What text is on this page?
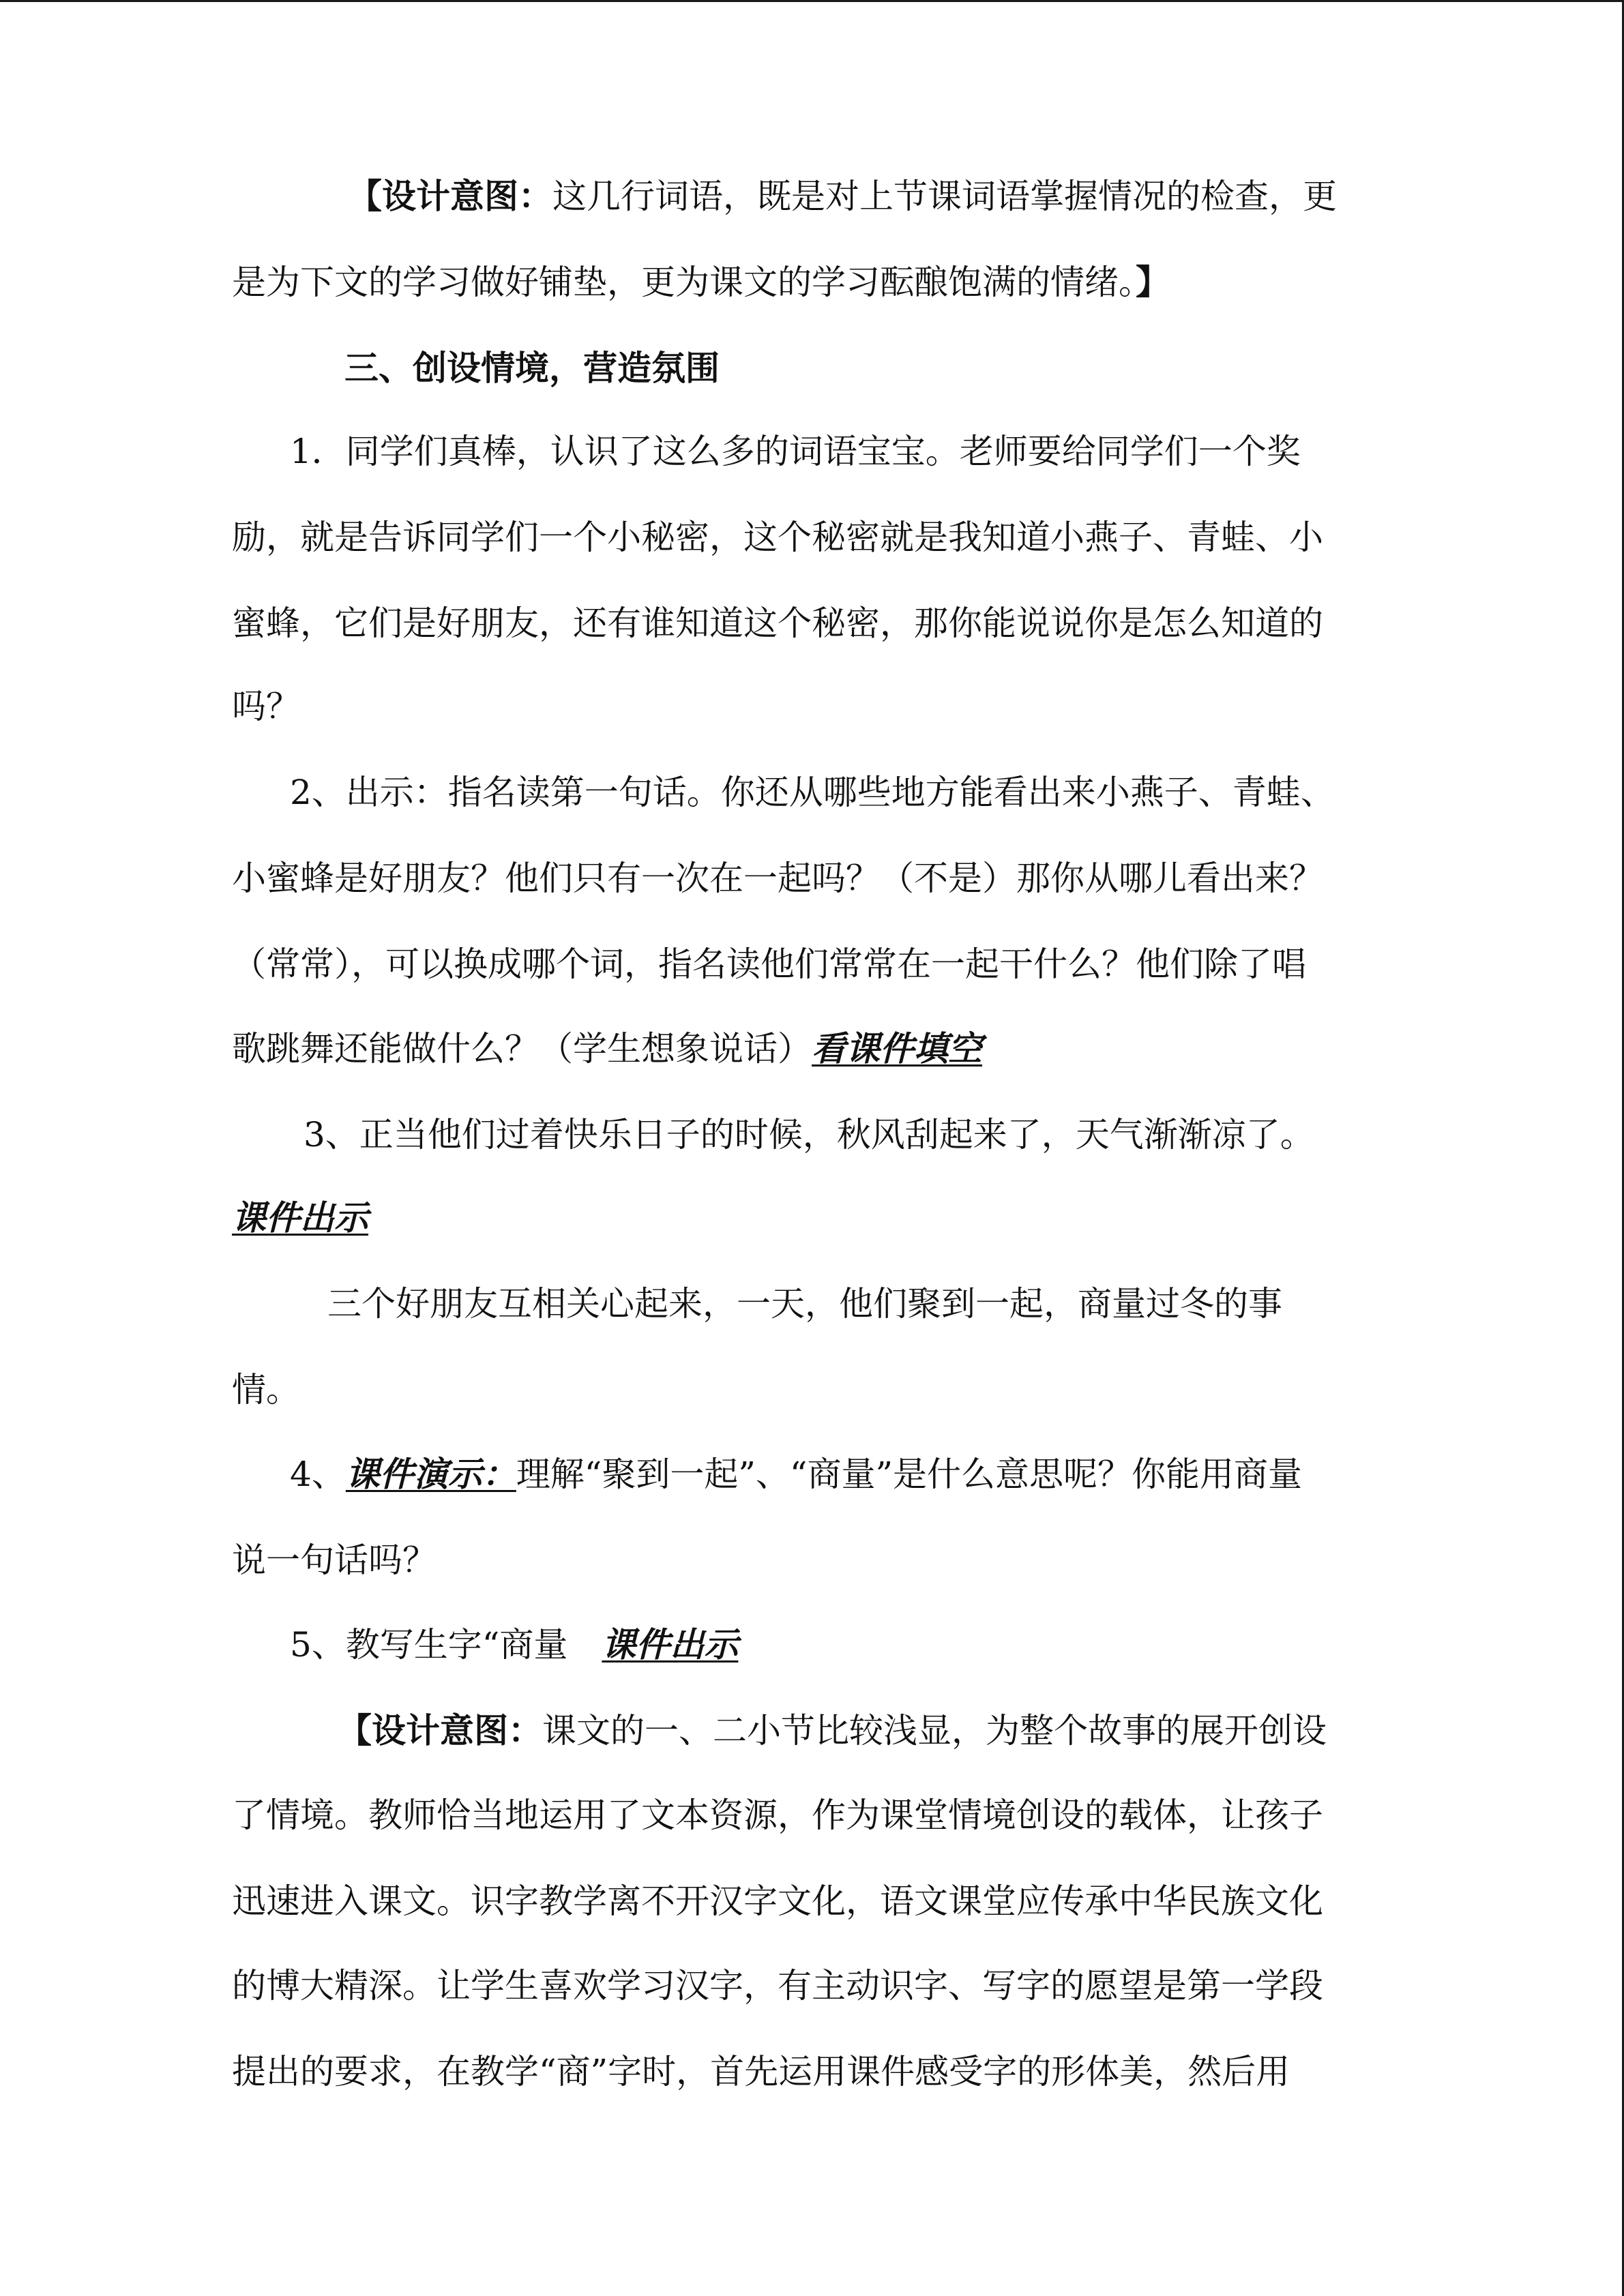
【设计意图：这几行词语，既是对上节课词语掌握情况的检查，更
是为下文的学习做好铺垫，更为课文的学习酝酿饱满的情绪。】
三、创设情境，营造氛围
1．同学们真棒，认识了这么多的词语宝宝。老师要给同学们一个奖
励，就是告诉同学们一个小秘密，这个秘密就是我知道小燕子、青蛙、小
蜜蜂，它们是好朋友，还有谁知道这个秘密，那你能说说你是怎么知道的
吗？
2、出示：指名读第一句话。你还从哪些地方能看出来小燕子、青蛙、
小蜜蜂是好朋友？他们只有一次在一起吗？（不是）那你从哪儿看出来？
（常常），可以换成哪个词，指名读他们常常在一起干什么？他们除了唱
歌跳舞还能做什么？（学生想象说话）看课件填空
3、正当他们过着快乐日子的时候，秋风刮起来了，天气渐渐凉了。
课件出示
三个好朋友互相关心起来，一天，他们聚到一起，商量过冬的事
情。
4、课件演示：理解“聚到一起”、“商量”是什么意思呢？你能用商量
说一句话吗？
5、教写生字“商量　课件出示
【设计意图：课文的一、二小节比较浅显，为整个故事的展开创设
了情境。教师恰当地运用了文本资源，作为课堂情境创设的载体，让孩子
迅速进入课文。识字教学离不开汉字文化，语文课堂应传承中华民族文化
的博大精深。让学生喜欢学习汉字，有主动识字、写字的愿望是第一学段
提出的要求，在教学“商”字时，首先运用课件感受字的形体美，然后用
